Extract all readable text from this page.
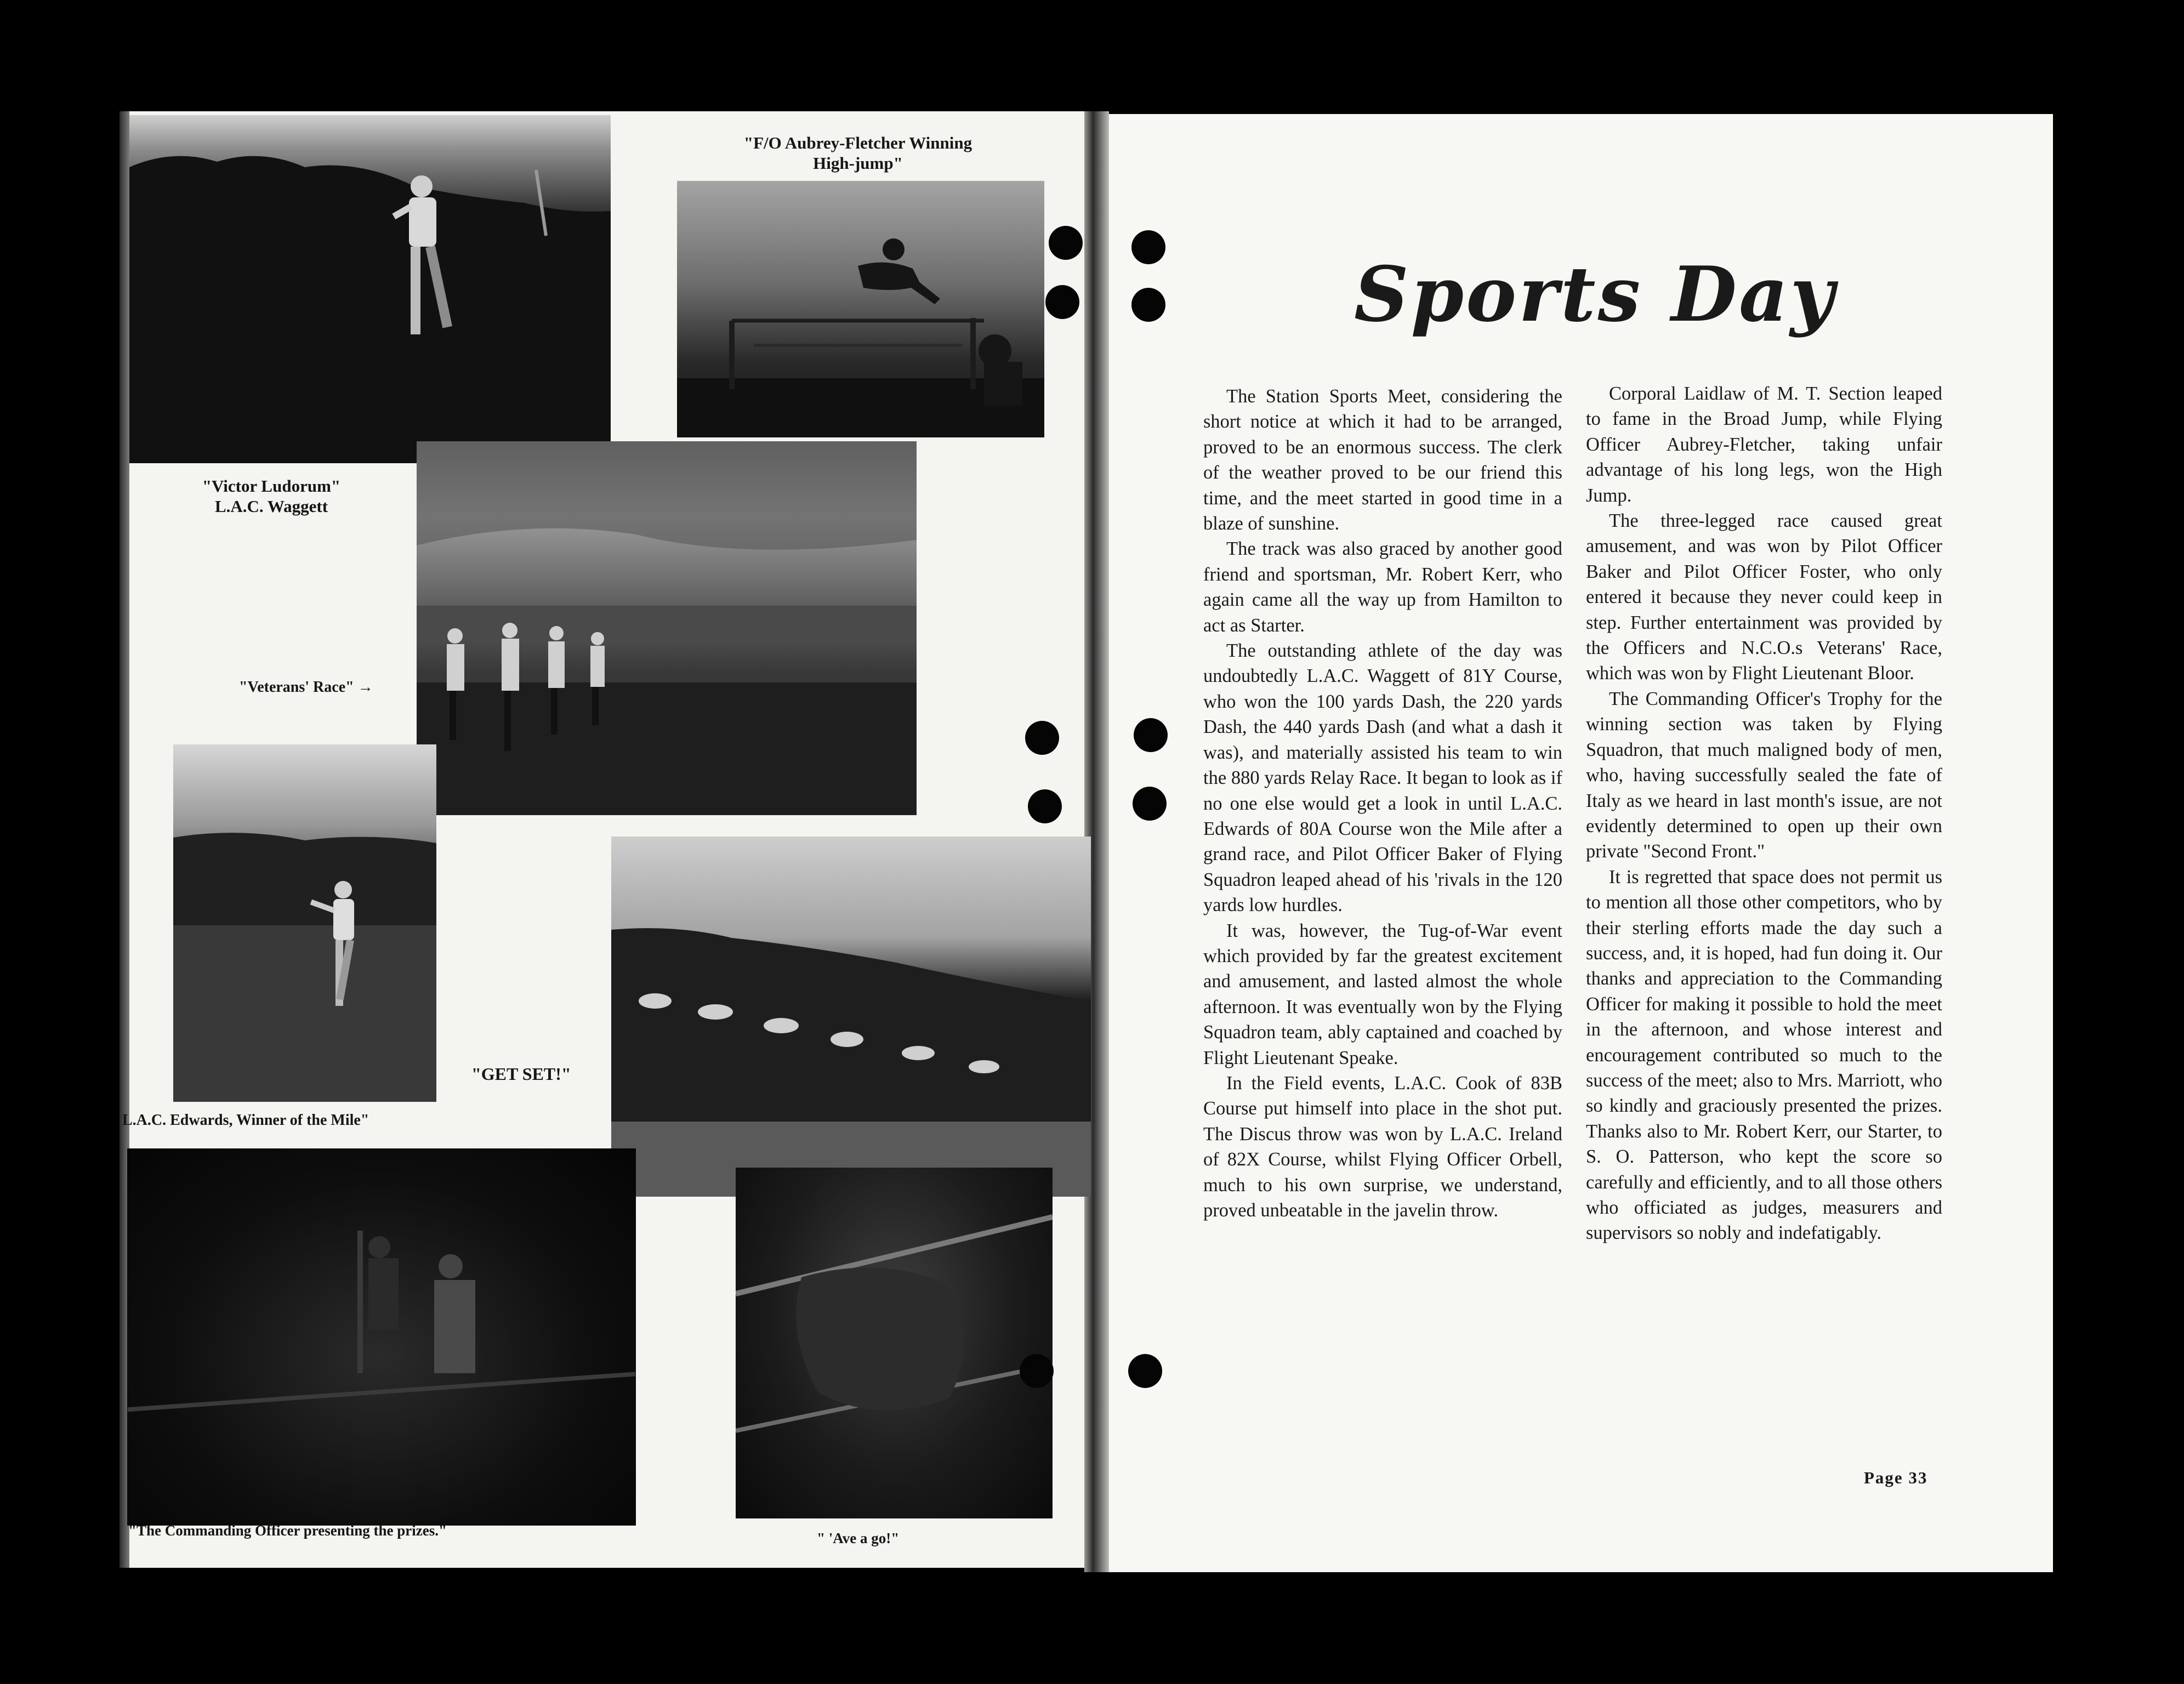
"F/O Aubrey-Fletcher Winning High-jump"
"Victor Ludorum"
L.A.C. Waggett
"Veterans' Race" →
L.A.C. Edwards, Winner of the Mile"
"GET SET!"
"The Commanding Officer presenting the prizes."	" 'Ave a go!"
Sports Day

The Station Sports Meet, considering the short notice at which it had to be arranged, proved to be an enormous success. The clerk of the weather proved to be our friend this time, and the meet started in good time in a blaze of sunshine.

The track was also graced by another good friend and sportsman, Mr. Robert Kerr, who again came all the way up from Hamilton to act as Starter.

The outstanding athlete of the day was undoubtedly L.A.C. Waggett of 81Y Course, who won the 100 yards Dash, the 220 yards Dash, the 440 yards Dash (and what a dash it was), and materially assisted his team to win the 880 yards Relay Race. It began to look as if no one else would get a look in until L.A.C. Edwards of 80A Course won the Mile after a grand race, and Pilot Officer Baker of Flying Squadron leaped ahead of his 'rivals in the 120 yards low hurdles.

It was, however, the Tug-of-War event which provided by far the greatest excitement and amusement, and lasted almost the whole afternoon. It was eventually won by the Flying Squadron team, ably captained and coached by Flight Lieutenant Speake.

In the Field events, L.A.C. Cook of 83B Course put himself into place in the shot put. The Discus throw was won by L.A.C. Ireland of 82X Course, whilst Flying Officer Orbell, much to his own surprise, we understand, proved unbeatable in the javelin throw.

Corporal Laidlaw of M. T. Section leaped to fame in the Broad Jump, while Flying Officer Aubrey-Fletcher, taking unfair advantage of his long legs, won the High Jump.

The three-legged race caused great amusement, and was won by Pilot Officer Baker and Pilot Officer Foster, who only entered it because they never could keep in step. Further entertainment was provided by the Officers and N.C.O.s Veterans' Race, which was won by Flight Lieutenant Bloor.

The Commanding Officer's Trophy for the winning section was taken by Flying Squadron, that much maligned body of men, who, having successfully sealed the fate of Italy as we heard in last month's issue, are not evidently determined to open up their own private "Second Front."

It is regretted that space does not permit us to mention all those other competitors, who by their sterling efforts made the day such a success, and, it is hoped, had fun doing it. Our thanks and appreciation to the Commanding Officer for making it possible to hold the meet in the afternoon, and whose interest and encouragement contributed so much to the success of the meet; also to Mrs. Marriott, who so kindly and graciously presented the prizes. Thanks also to Mr. Robert Kerr, our Starter, to S. O. Patterson, who kept the score so carefully and efficiently, and to all those others who officiated as judges, measurers and supervisors so nobly and indefatigably.

Page 33
